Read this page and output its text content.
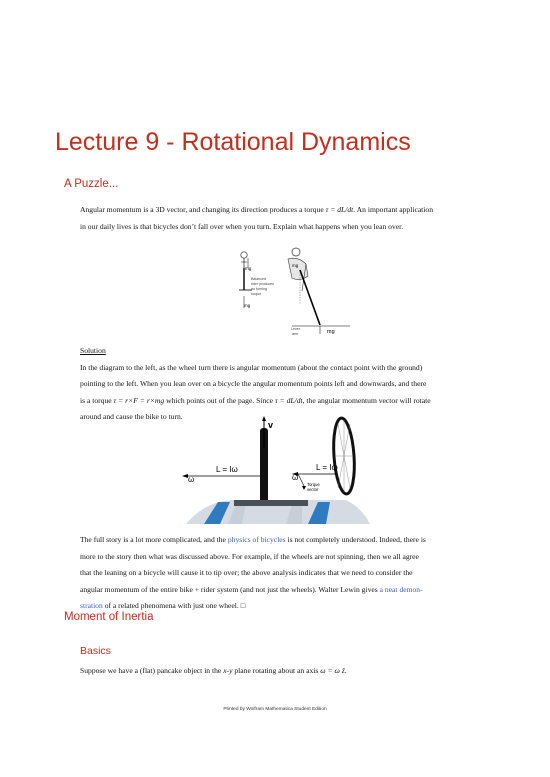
Lecture 9 - Rotational Dynamics
A Puzzle...

Angular momentum is a 3D vector, and changing its direction produces a torque τ = dL/dt. An important application

in our daily lives is that bicycles don’t fall over when you turn. Explain what happens when you lean over.

mg
mg
Balanced
rider produces
no turning
torque
mg
mg
Lever
arm

Solution

In the diagram to the left, as the wheel turn there is angular momentum (about the contact point with the ground)

pointing to the left. When you lean over on a bicycle the angular momentum points left and downwards, and there

is a torque τ = r×F = r×mg which points out of the page. Since τ = dL/dt, the angular momentum vector will rotate

around and cause the bike to turn.

v
L = Iω
ω
L = Iω
ω
Torque
vector

The full story is a lot more complicated, and the physics of bicycles is not completely understood. Indeed, there is

more to the story then what was discussed above. For example, if the wheels are not spinning, then we all agree

that the leaning on a bicycle will cause it to tip over; the above analysis indicates that we need to consider the

angular momentum of the entire bike + rider system (and not just the wheels). Walter Lewin gives a neat demon-

stration of a related phenomena with just one wheel. □

Moment of Inertia
Basics

Suppose we have a (flat) pancake object in the x-y plane rotating about an axis ω = ω ẑ.

Printed by Wolfram Mathematica Student Edition
